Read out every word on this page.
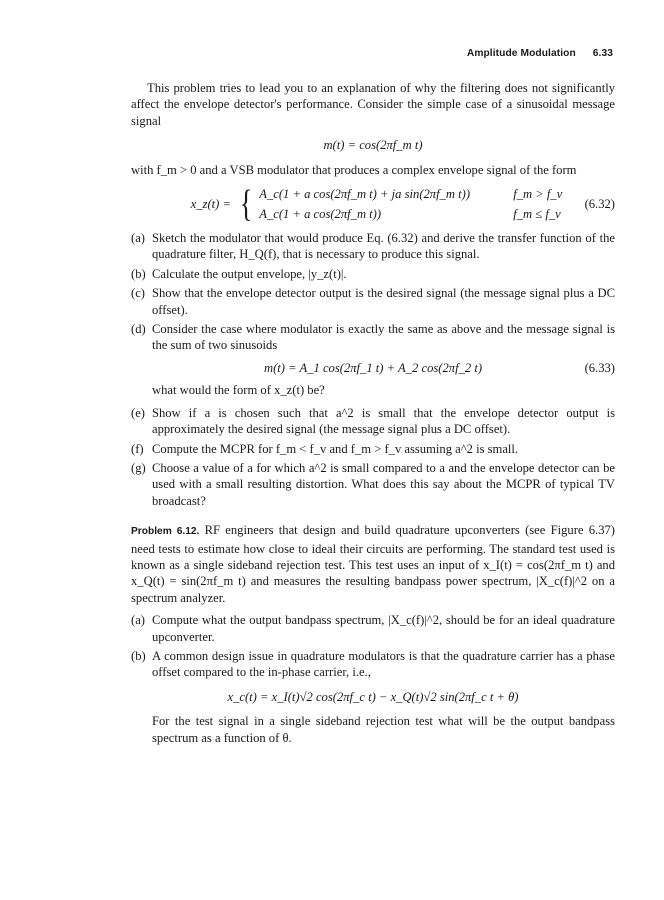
Amplitude Modulation 6.33

This problem tries to lead you to an explanation of why the filtering does not significantly affect the envelope detector's performance. Consider the simple case of a sinusoidal message signal

m(t) = cos(2πf_m t)

with f_m > 0 and a VSB modulator that produces a complex envelope signal of the form

x_z(t) = { A_c(1 + a cos(2πf_m t) + ja sin(2πf_m t))	f_m > f_v
A_c(1 + a cos(2πf_m t))	f_m ≤ f_v
(6.32)
(a) Sketch the modulator that would produce Eq. (6.32) and derive the transfer function of the quadrature filter, H_Q(f), that is necessary to produce this signal.
(b) Calculate the output envelope, |y_z(t)|.
(c) Show that the envelope detector output is the desired signal (the message signal plus a DC offset).
(d) Consider the case where modulator is exactly the same as above and the message signal is the sum of two sinusoids
m(t) = A_1 cos(2πf_1 t) + A_2 cos(2πf_2 t)	(6.33)

what would the form of x_z(t) be?

(e) Show if a is chosen such that a^2 is small that the envelope detector output is approximately the desired signal (the message signal plus a DC offset).
(f) Compute the MCPR for f_m < f_v and f_m > f_v assuming a^2 is small.
(g) Choose a value of a for which a^2 is small compared to a and the envelope detector can be used with a small resulting distortion. What does this say about the MCPR of typical TV broadcast?

Problem 6.12. RF engineers that design and build quadrature upconverters (see Figure 6.37) need tests to estimate how close to ideal their circuits are performing. The standard test used is known as a single sideband rejection test. This test uses an input of x_I(t) = cos(2πf_m t) and x_Q(t) = sin(2πf_m t) and measures the resulting bandpass power spectrum, |X_c(f)|^2 on a spectrum analyzer.

(a) Compute what the output bandpass spectrum, |X_c(f)|^2, should be for an ideal quadrature upconverter.
(b) A common design issue in quadrature modulators is that the quadrature carrier has a phase offset compared to the in-phase carrier, i.e.,
x_c(t) = x_I(t)√2 cos(2πf_c t) − x_Q(t)√2 sin(2πf_c t + θ)

For the test signal in a single sideband rejection test what will be the output bandpass spectrum as a function of θ.
